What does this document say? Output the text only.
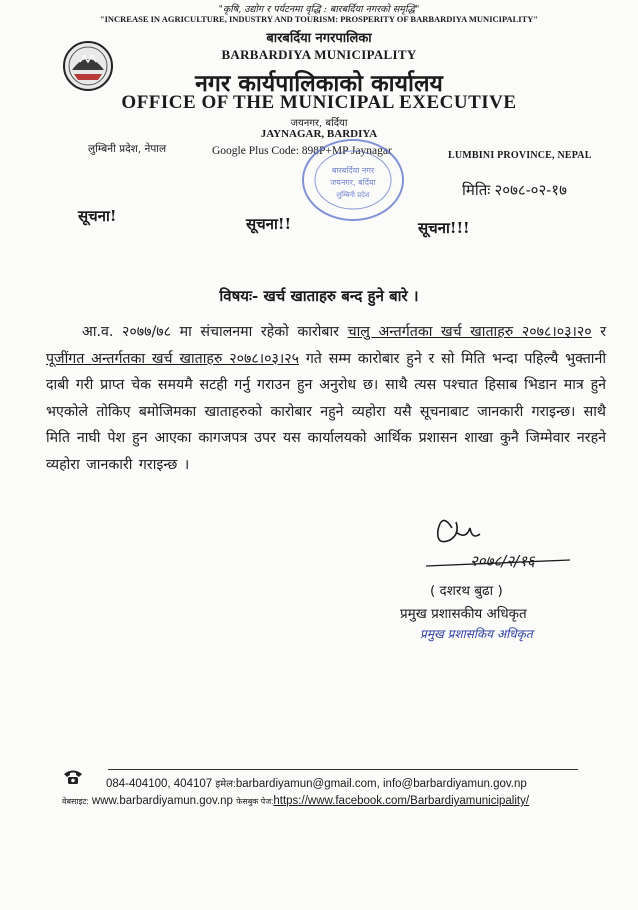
"कृषि, उद्योग र पर्यटनमा वृद्धि : बारबर्दिया नगरको समृद्धि"
"INCREASE IN AGRICULTURE, INDUSTRY AND TOURISM: PROSPERITY OF BARBARDIYA MUNICIPALITY"
बारबर्दिया नगरपालिका
BARBARDIYA MUNICIPALITY
नगर कार्यपालिकाको कार्यालय
OFFICE OF THE MUNICIPAL EXECUTIVE
जयनगर, बर्दिया
JAYNAGAR, BARDIYA
लुम्बिनी प्रदेश, नेपाल	Google Plus Code: 898P+MP Jaynagar	LUMBINI PROVINCE, NEPAL
बारबर्दिया नगर
जयनगर, बर्दिया
लुम्बिनी प्रदेश	मितिः २०७८-०२-१७
सूचना!	सूचना!!	सूचना!!!
विषयः- खर्च खाताहरु बन्द हुने बारे ।
आ.व. २०७७/७८ मा संचालनमा रहेको कारोबार चालु अन्तर्गतका खर्च खाताहरु २०७८।०३।२० र पूजींगत अन्तर्गतका खर्च खाताहरु २०७८।०३।२५ गते सम्म कारोबार हुने र सो मिति भन्दा पहिल्यै भुक्तानी दाबी गरी प्राप्त चेक समयमै सटही गर्नु गराउन हुन अनुरोध छ। साथै त्यस पश्चात हिसाब भिडान मात्र हुने भएकोले तोकिए बमोजिमका खाताहरुको कारोबार नहुने व्यहोरा यसै सूचनाबाट जानकारी गराइन्छ। साथै मिति नाघी पेश हुन आएका कागजपत्र उपर यस कार्यालयको आर्थिक प्रशासन शाखा कुनै जिम्मेवार नरहने व्यहोरा जानकारी गराइन्छ ।
२०७८/२/१६
( दशरथ बुढा )
प्रमुख प्रशासकीय अधिकृत
प्रमुख प्रशासकिय अधिकृत
084-404100, 404107 इमेल:barbardiyamun@gmail.com, info@barbardiyamun.gov.np
वेबसाइट: www.barbardiyamun.gov.np फेसबुक पेज:https://www.facebook.com/Barbardiyamunicipality/
